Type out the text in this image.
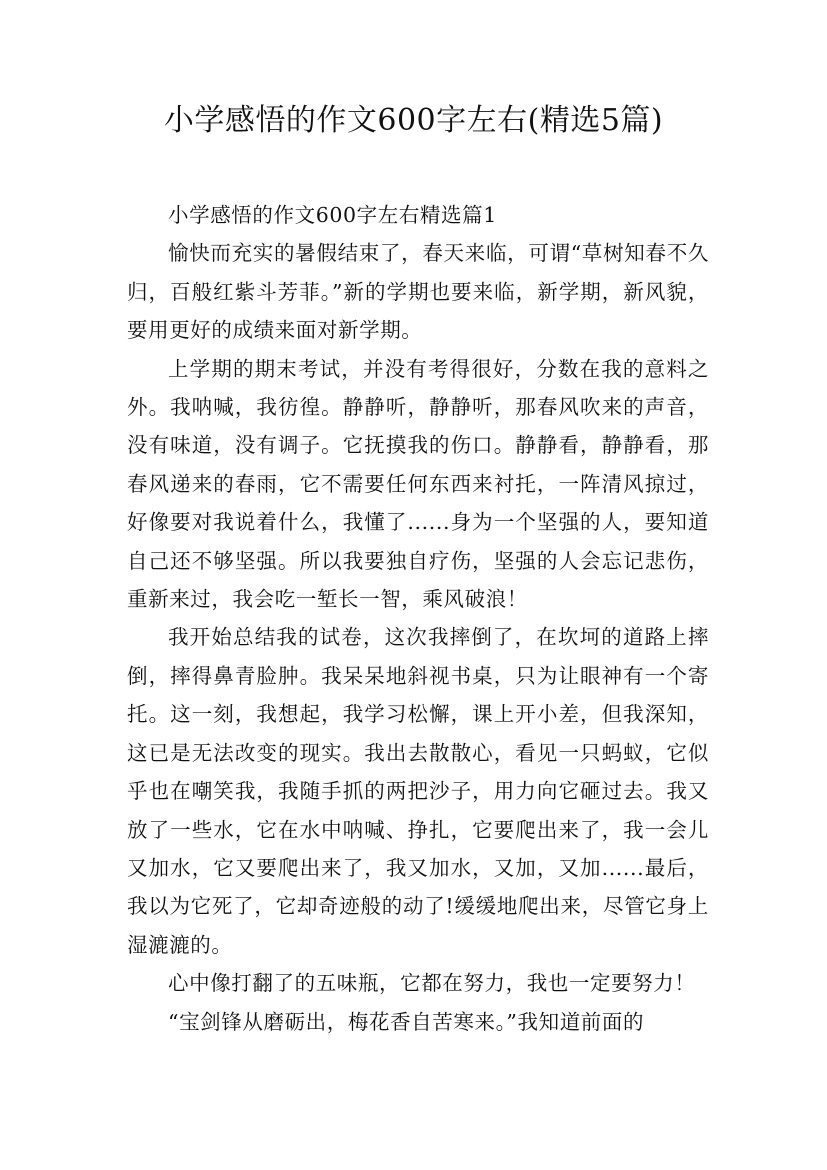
小学感悟的作文600字左右(精选5篇)

小学感悟的作文600字左右精选篇1

愉快而充实的暑假结束了，春天来临，可谓“草树知春不久归，百般红紫斗芳菲。”新的学期也要来临，新学期，新风貌，要用更好的成绩来面对新学期。

上学期的期末考试，并没有考得很好，分数在我的意料之外。我呐喊，我彷徨。静静听，静静听，那春风吹来的声音，没有味道，没有调子。它抚摸我的伤口。静静看，静静看，那春风递来的春雨，它不需要任何东西来衬托，一阵清风掠过，好像要对我说着什么，我懂了......身为一个坚强的人，要知道自己还不够坚强。所以我要独自疗伤，坚强的人会忘记悲伤，重新来过，我会吃一堑长一智，乘风破浪！

我开始总结我的试卷，这次我摔倒了，在坎坷的道路上摔倒，摔得鼻青脸肿。我呆呆地斜视书桌，只为让眼神有一个寄托。这一刻，我想起，我学习松懈，课上开小差，但我深知，这已是无法改变的现实。我出去散散心，看见一只蚂蚁，它似乎也在嘲笑我，我随手抓的两把沙子，用力向它砸过去。我又放了一些水，它在水中呐喊、挣扎，它要爬出来了，我一会儿又加水，它又要爬出来了，我又加水，又加，又加......最后，我以为它死了，它却奇迹般的动了!缓缓地爬出来，尽管它身上湿漉漉的。

心中像打翻了的五味瓶，它都在努力，我也一定要努力！

“宝剑锋从磨砺出，梅花香自苦寒来。”我知道前面的
